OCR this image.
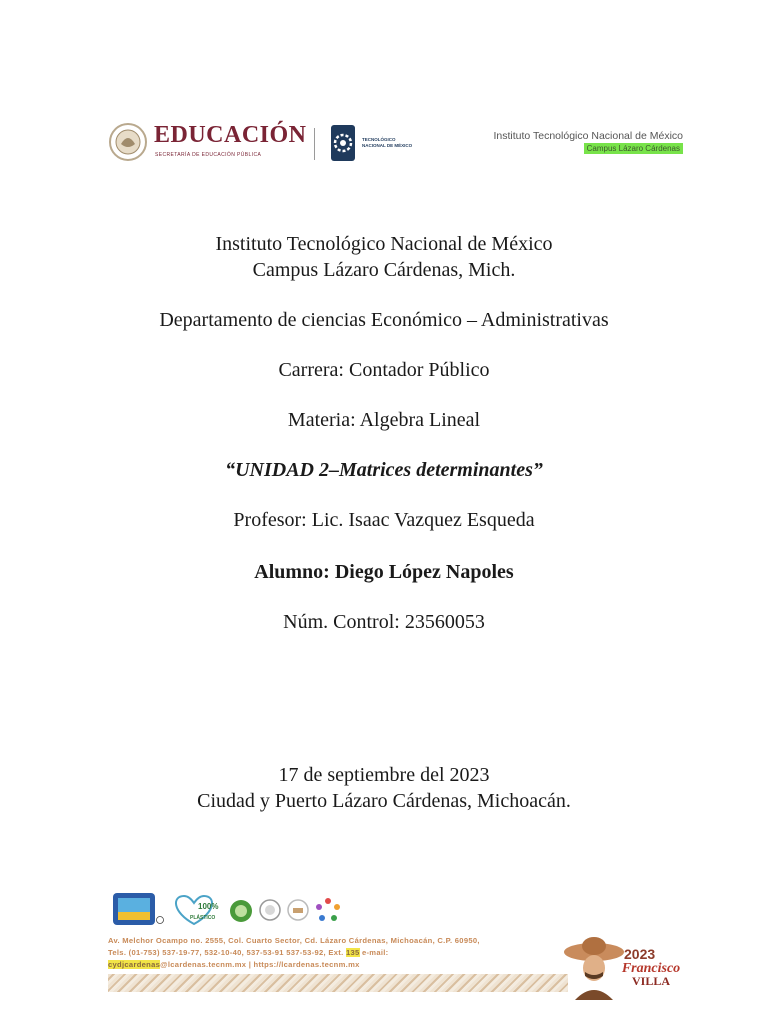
EDUCACIÓN
SECRETARÍA DE EDUCACIÓN PÚBLICA
TECNOLÓGICO
NACIONAL DE MÉXICO
Instituto Tecnológico Nacional de México
Campus Lázaro Cárdenas
Instituto Tecnológico Nacional de México
Campus Lázaro Cárdenas, Mich.
Departamento de ciencias Económico – Administrativas
Carrera: Contador Público
Materia: Algebra Lineal
“UNIDAD 2–Matrices determinantes”
Profesor: Lic. Isaac Vazquez Esqueda
Alumno: Diego López Napoles
Núm. Control: 23560053
17 de septiembre del 2023
Ciudad y Puerto Lázaro Cárdenas, Michoacán.
100%
PLÁSTICO
Av. Melchor Ocampo no. 2555, Col. Cuarto Sector, Cd. Lázaro Cárdenas, Michoacán, C.P. 60950,
Tels. (01-753) 537-19-77, 532-10-40, 537-53-91 537-53-92, Ext. 135 e-mail:
cydjcardenas@lcardenas.tecnm.mx | https://lcardenas.tecnm.mx
2023
Francisco
VILLA
